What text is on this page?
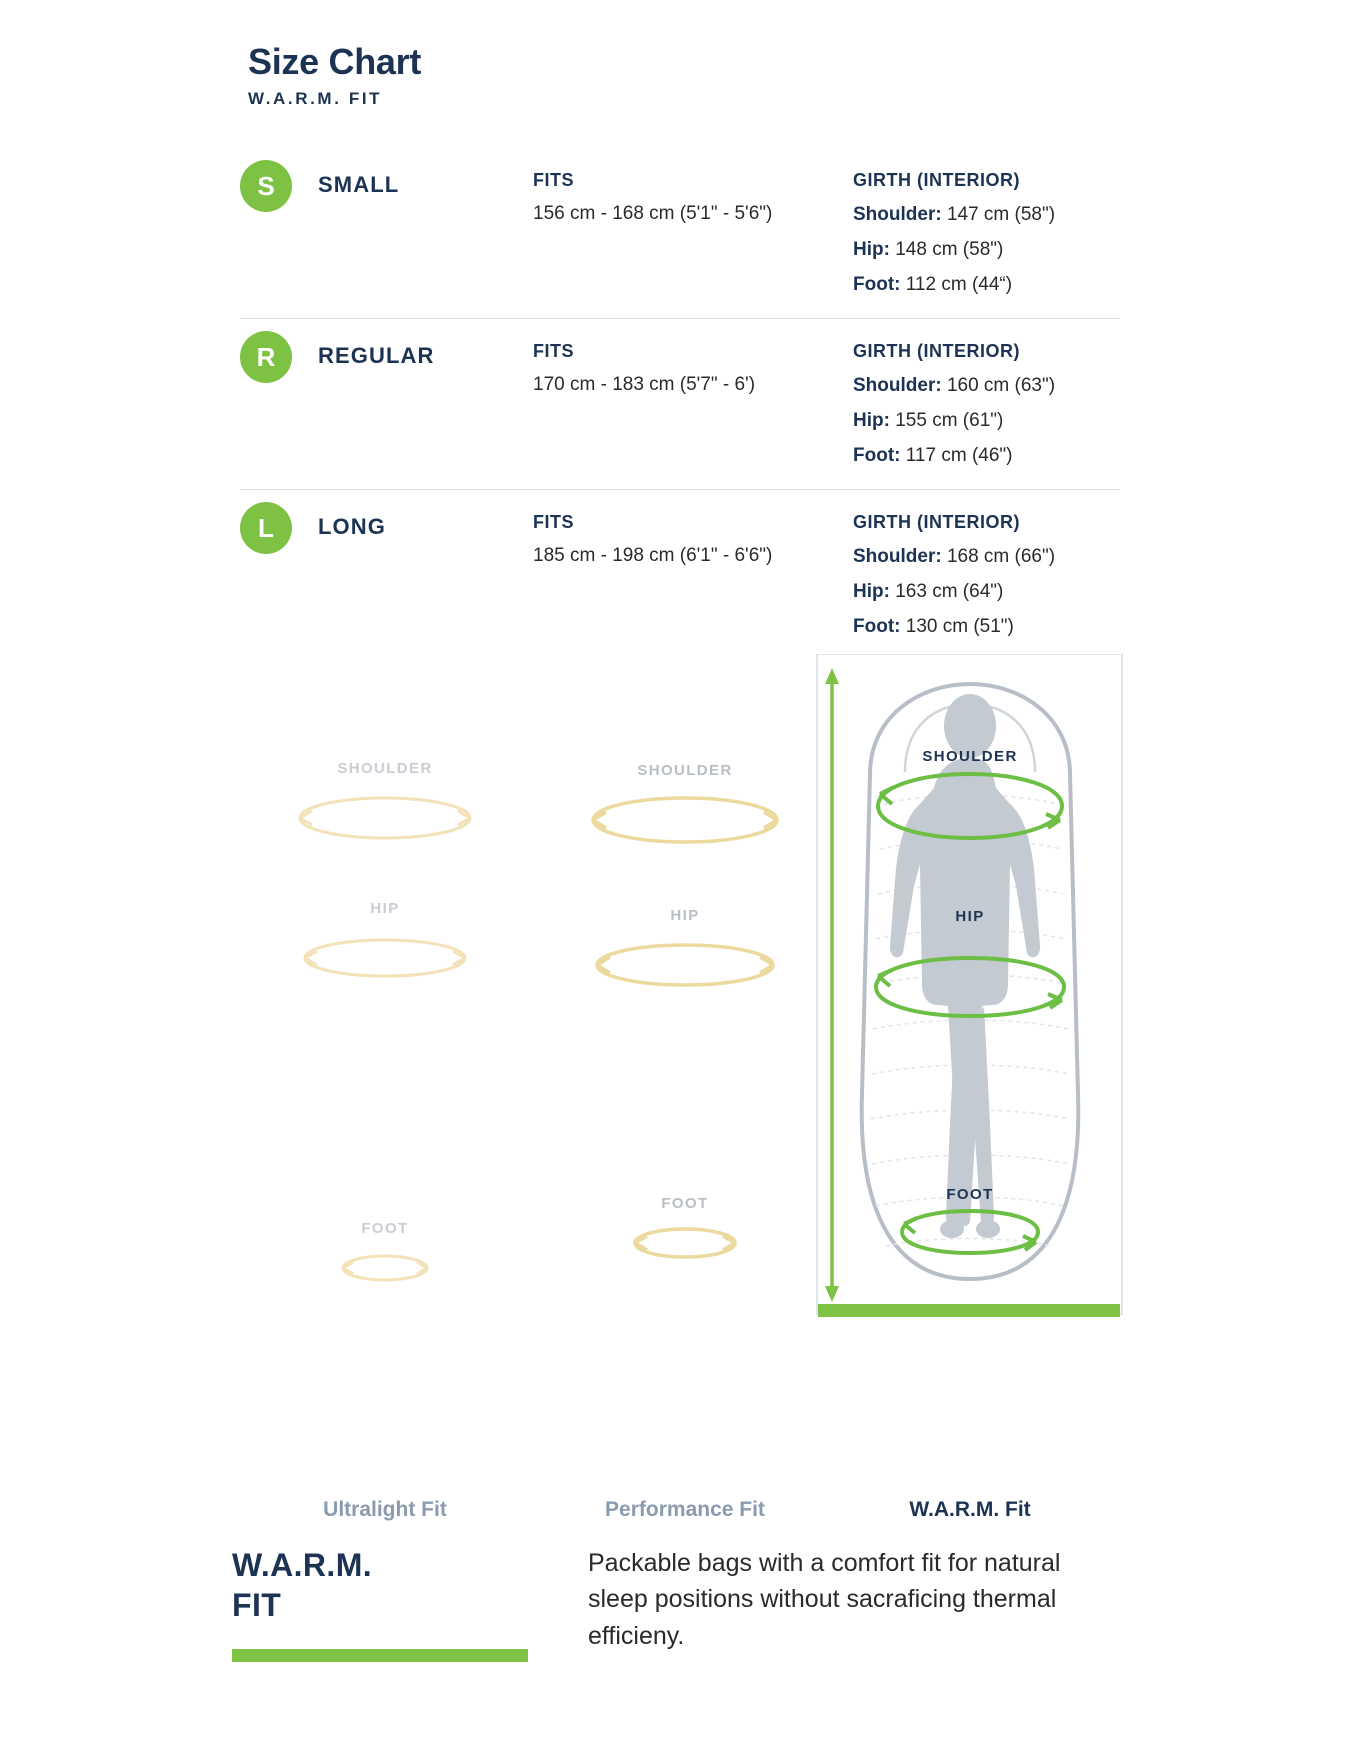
Size Chart
W.A.R.M. FIT
S	SMALL	FITS
156 cm - 168 cm (5'1" - 5'6")
GIRTH (INTERIOR)
Shoulder: 147 cm (58")
Hip: 148 cm (58")
Foot: 112 cm (44“)
R	REGULAR	FITS
170 cm - 183 cm (5'7" - 6')
GIRTH (INTERIOR)
Shoulder: 160 cm (63")
Hip: 155 cm (61")
Foot: 117 cm (46")
L	LONG	FITS
185 cm - 198 cm (6'1" - 6'6")
GIRTH (INTERIOR)
Shoulder: 168 cm (66")
Hip: 163 cm (64")
Foot: 130 cm (51")
SHOULDER
HIP
FOOT
Ultralight Fit
SHOULDER
HIP
FOOT
Performance Fit
SHOULDER
HIP
FOOT
W.A.R.M. Fit
W.A.R.M.
FIT
Packable bags with a comfort fit for natural sleep positions without sacraficing thermal efficieny.
